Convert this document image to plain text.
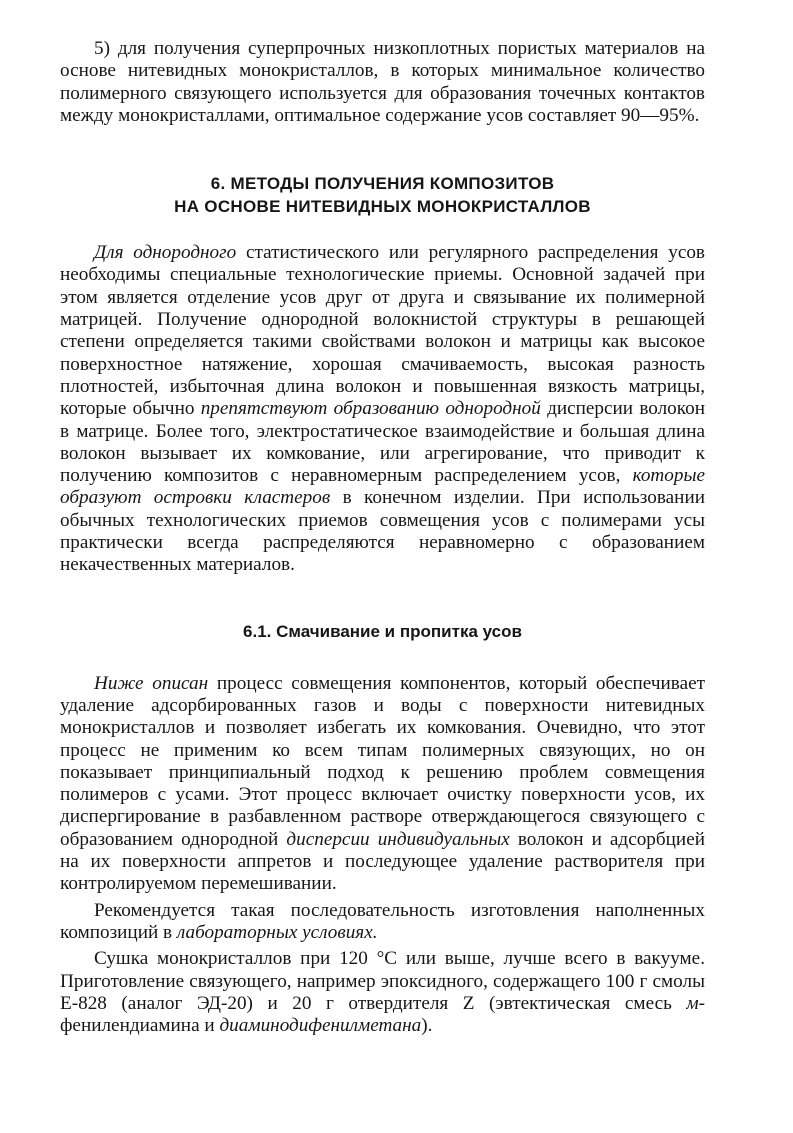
5) для получения суперпрочных низкоплотных пористых материалов на основе нитевидных монокристаллов, в которых минимальное количество полимерного связующего используется для образования точечных контактов между монокристаллами, оптимальное содержание усов составляет 90—95%.

6. МЕТОДЫ ПОЛУЧЕНИЯ КОМПОЗИТОВ
НА ОСНОВЕ НИТЕВИДНЫХ МОНОКРИСТАЛЛОВ

Для однородного статистического или регулярного распределения усов необходимы специальные технологические приемы. Основной задачей при этом является отделение усов друг от друга и связывание их полимерной матрицей. Получение однородной волокнистой структуры в решающей степени определяется такими свойствами волокон и матрицы как высокое поверхностное натяжение, хорошая смачиваемость, высокая разность плотностей, избыточная длина волокон и повышенная вязкость матрицы, которые обычно препятствуют образованию однородной дисперсии волокон в матрице. Более того, электростатическое взаимодействие и большая длина волокон вызывает их комкование, или агрегирование, что приводит к получению композитов с неравномерным распределением усов, которые образуют островки кластеров в конечном изделии. При использовании обычных технологических приемов совмещения усов с полимерами усы практически всегда распределяются неравномерно с образованием некачественных материалов.

6.1. Смачивание и пропитка усов

Ниже описан процесс совмещения компонентов, который обеспечивает удаление адсорбированных газов и воды с поверхности нитевидных монокристаллов и позволяет избегать их комкования. Очевидно, что этот процесс не применим ко всем типам полимерных связующих, но он показывает принципиальный подход к решению проблем совмещения полимеров с усами. Этот процесс включает очистку поверхности усов, их диспергирование в разбавленном растворе отверждающегося связующего с образованием однородной дисперсии индивидуальных волокон и адсорбцией на их поверхности аппретов и последующее удаление растворителя при контролируемом перемешивании.

Рекомендуется такая последовательность изготовления наполненных композиций в лабораторных условиях.

Сушка монокристаллов при 120 °С или выше, лучше всего в вакууме. Приготовление связующего, например эпоксидного, содержащего 100 г смолы Е-828 (аналог ЭД-20) и 20 г отвердителя Z (эвтектическая смесь м-фенилендиамина и диаминодифенилметана).
